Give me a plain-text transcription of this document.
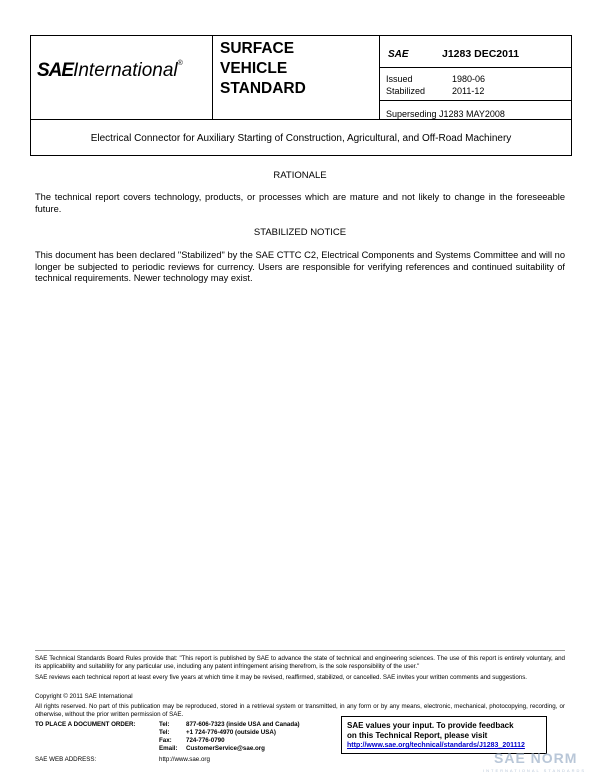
SAEInternational®
SURFACE
VEHICLE
STANDARD
SAE	J1283 DEC2011
Issued	1980-06
Stabilized	2011-12
Superseding J1283 MAY2008
Electrical Connector for Auxiliary Starting of Construction, Agricultural, and Off-Road Machinery
RATIONALE
The technical report covers technology, products, or processes which are mature and not likely to change in the foreseeable future.
STABILIZED NOTICE
This document has been declared "Stabilized" by the SAE CTTC C2, Electrical Components and Systems Committee and will no longer be subjected to periodic reviews for currency. Users are responsible for verifying references and continued suitability of technical requirements. Newer technology may exist.
SAE Technical Standards Board Rules provide that: "This report is published by SAE to advance the state of technical and engineering sciences. The use of this report is entirely voluntary, and its applicability and suitability for any particular use, including any patent infringement arising therefrom, is the sole responsibility of the user."
SAE reviews each technical report at least every five years at which time it may be revised, reaffirmed, stabilized, or cancelled. SAE invites your written comments and suggestions.
Copyright © 2011 SAE International
All rights reserved. No part of this publication may be reproduced, stored in a retrieval system or transmitted, in any form or by any means, electronic, mechanical, photocopying, recording, or otherwise, without the prior written permission of SAE.
TO PLACE A DOCUMENT ORDER:	Tel:	877-606-7323 (inside USA and Canada)
Tel:	+1 724-776-4970 (outside USA)
Fax:	724-776-0790
Email:	CustomerService@sae.org
SAE WEB ADDRESS:	http://www.sae.org
SAE values your input. To provide feedback
on this Technical Report, please visit
http://www.sae.org/technical/standards/J1283_201112
SAE NORM
INTERNATIONAL STANDARDS
